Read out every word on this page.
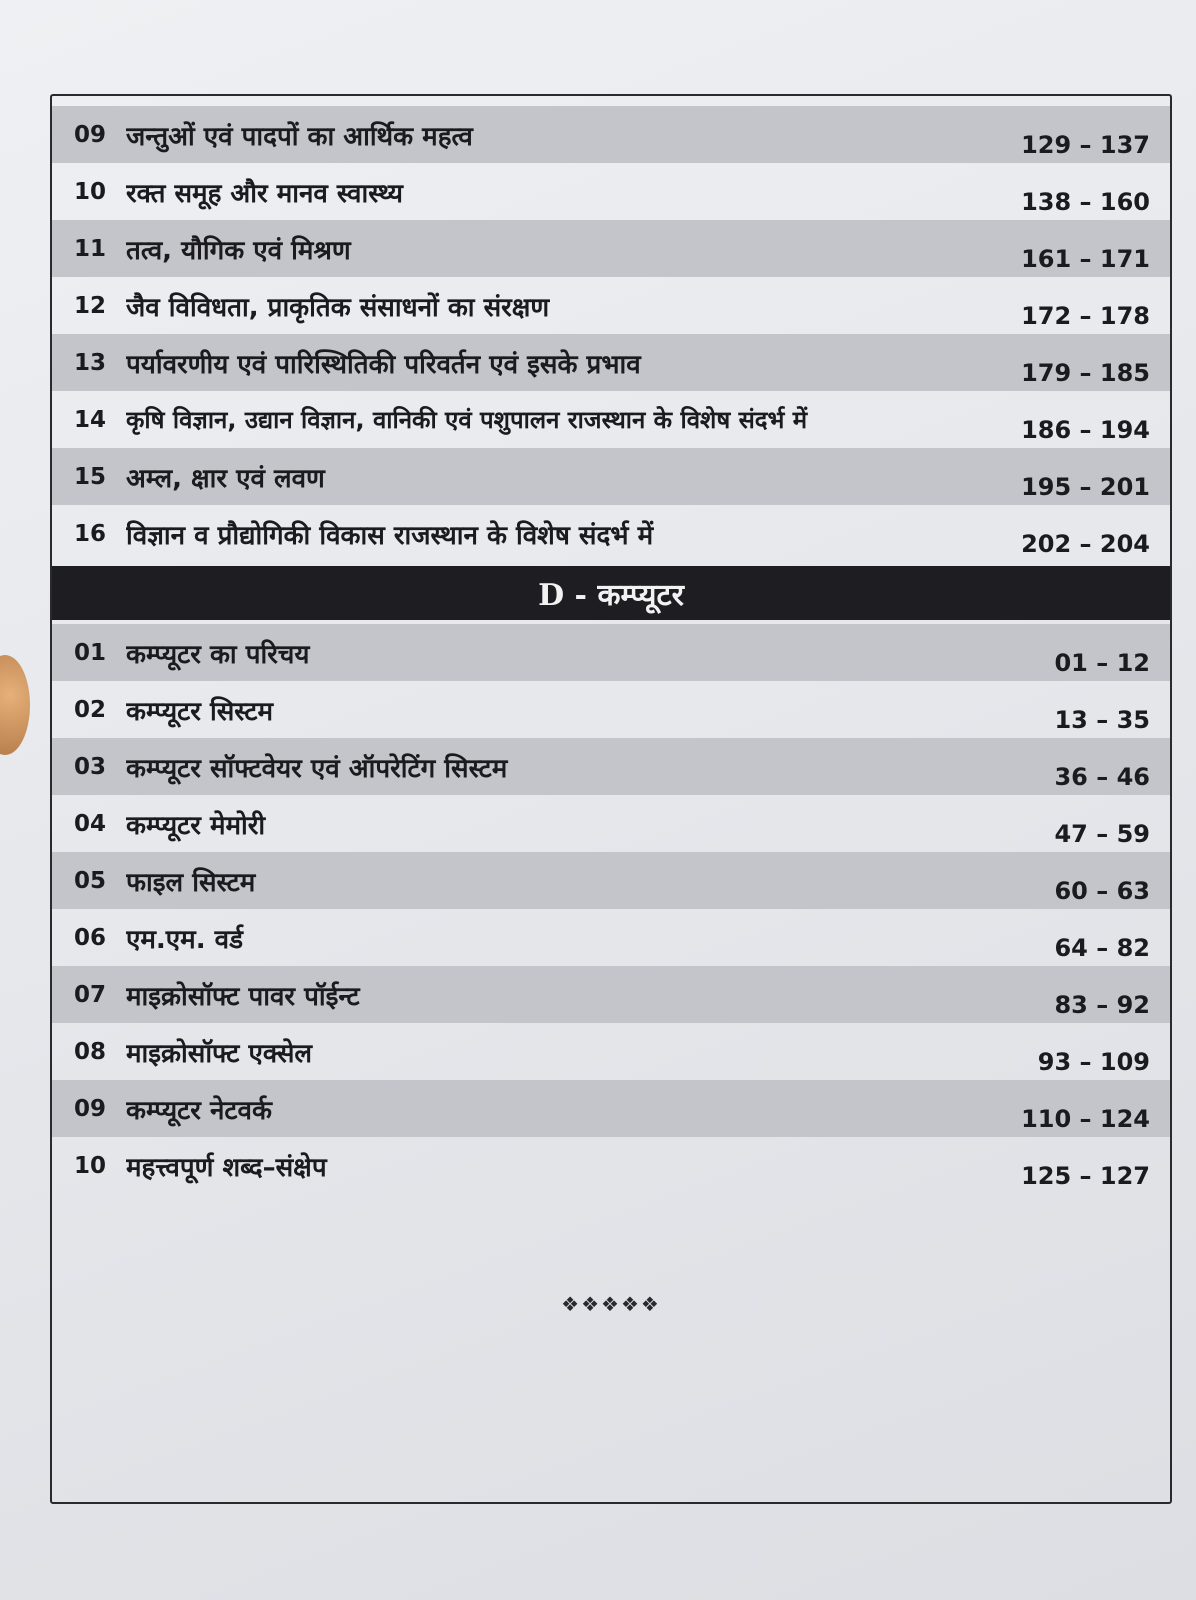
09 जन्तुओं एवं पादपों का आर्थिक महत्व	129 – 137
10 रक्त समूह और मानव स्वास्थ्य	138 – 160
11 तत्व, यौगिक एवं मिश्रण	161 – 171
12 जैव विविधता, प्राकृतिक संसाधनों का संरक्षण	172 – 178
13 पर्यावरणीय एवं पारिस्थितिकी परिवर्तन एवं इसके प्रभाव	179 – 185
14 कृषि विज्ञान, उद्यान विज्ञान, वानिकी एवं पशुपालन राजस्थान के विशेष संदर्भ में	186 – 194
15 अम्ल, क्षार एवं लवण	195 – 201
16 विज्ञान व प्रौद्योगिकी विकास राजस्थान के विशेष संदर्भ में	202 – 204
D - कम्प्यूटर
01 कम्प्यूटर का परिचय	01 – 12
02 कम्प्यूटर सिस्टम	13 – 35
03 कम्प्यूटर सॉफ्टवेयर एवं ऑपरेटिंग सिस्टम	36 – 46
04 कम्प्यूटर मेमोरी	47 – 59
05 फाइल सिस्टम	60 – 63
06 एम.एम. वर्ड	64 – 82
07 माइक्रोसॉफ्ट पावर पॉईन्ट	83 – 92
08 माइक्रोसॉफ्ट एक्सेल	93 – 109
09 कम्प्यूटर नेटवर्क	110 – 124
10 महत्त्वपूर्ण शब्द–संक्षेप	125 – 127
❖❖❖❖❖
